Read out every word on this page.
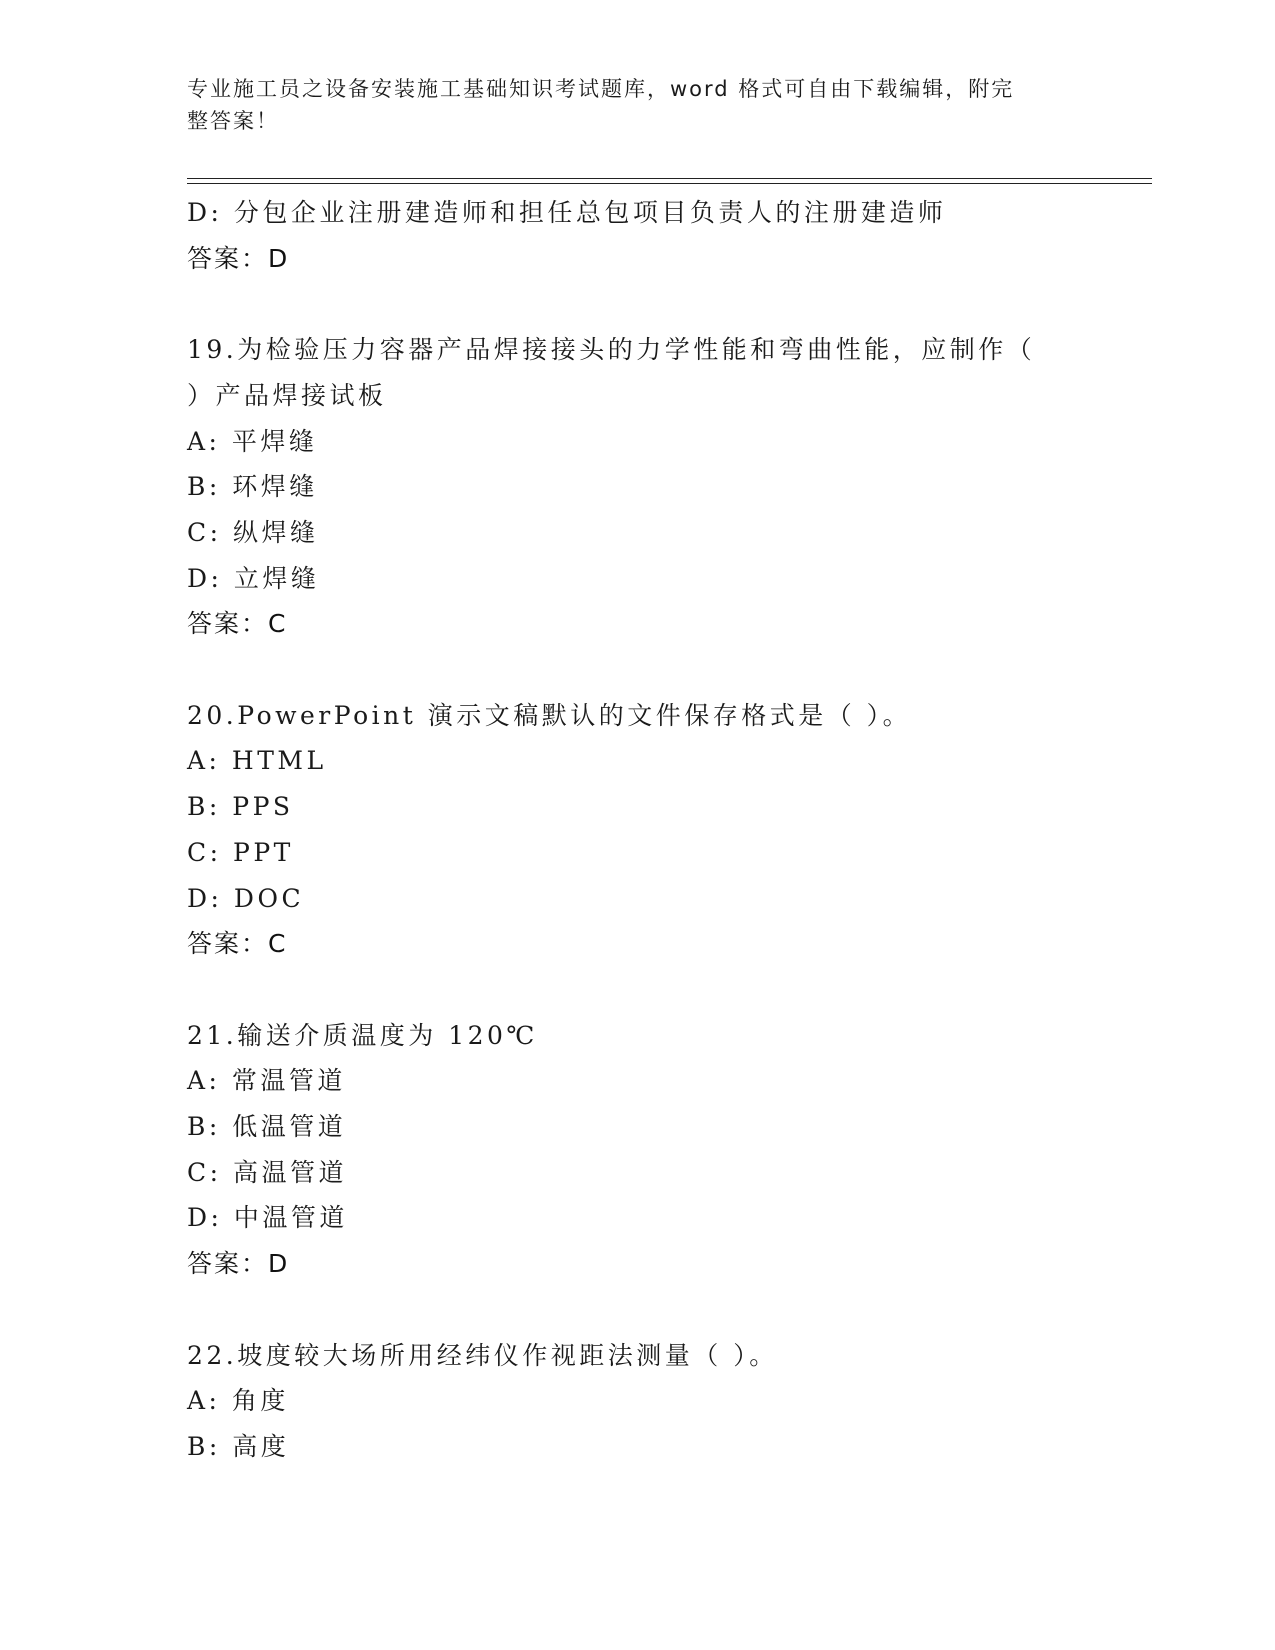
专业施工员之设备安装施工基础知识考试题库，word 格式可自由下载编辑，附完
整答案！
D: 分包企业注册建造师和担任总包项目负责人的注册建造师
答案：D
19.为检验压力容器产品焊接接头的力学性能和弯曲性能，应制作（
）产品焊接试板
A: 平焊缝
B: 环焊缝
C: 纵焊缝
D: 立焊缝
答案：C
20.PowerPoint 演示文稿默认的文件保存格式是（ ）。
A: HTML
B: PPS
C: PPT
D: DOC
答案：C
21.输送介质温度为 120℃
A: 常温管道
B: 低温管道
C: 高温管道
D: 中温管道
答案：D
22.坡度较大场所用经纬仪作视距法测量（ ）。
A: 角度
B: 高度
